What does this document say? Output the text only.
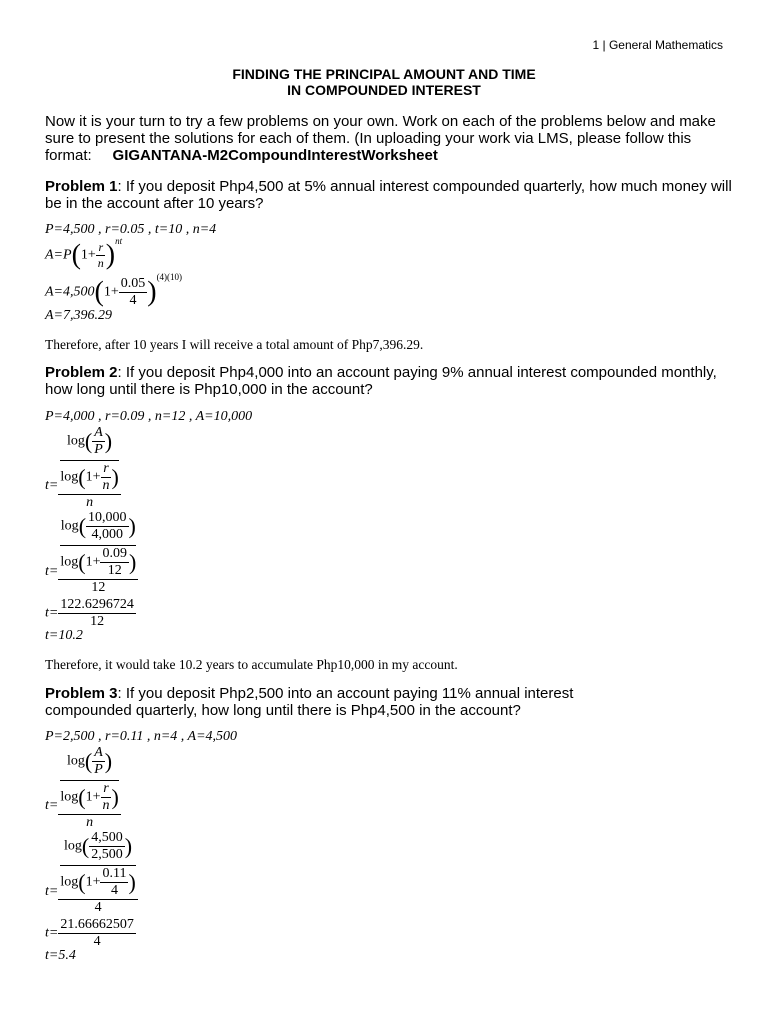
1 | General Mathematics
FINDING THE PRINCIPAL AMOUNT AND TIME
IN COMPOUNDED INTEREST
Now it is your turn to try a few problems on your own. Work on each of the problems below and make sure to present the solutions for each of them. (In uploading your work via LMS, please follow this format: GIGANTANA-M2CompoundInterestWorksheet
Problem 1: If you deposit Php4,500 at 5% annual interest compounded quarterly, how much money will be in the account after 10 years?
P=4,500 , r=0.05 , t=10 , n=4
$A=P(1+ \frac{r}{n} )^{nt}$
$A=4,500(1+ \frac{0.05}{4} )^{(4)(10)}$
A=7,396.29
Therefore, after 10 years I will receive a total amount of Php7,396.29.
Problem 2: If you deposit Php4,000 into an account paying 9% annual interest compounded monthly, how long until there is Php10,000 in the account?
P=4,000 , r=0.09 , n=12 , A=10,000
$t= \log( \frac{A}{P}$ )
$\log(1+ \frac{r}{n}$ )
n
$t= \log( \frac{10,000}{4,000}$ )
$\log(1+ \frac{0.09}{12}$ )
12
$t= \frac{122.6296724}{12}$
t=10.2
Therefore, it would take 10.2 years to accumulate Php10,000 in my account.
Problem 3: If you deposit Php2,500 into an account paying 11% annual interest compounded quarterly, how long until there is Php4,500 in the account?
P=2,500 , r=0.11 , n=4 , A=4,500
$t= \log( \frac{A}{P}$ )
$\log(1+ \frac{r}{n}$ )
n
$t= \log( \frac{4,500}{2,500}$ )
$\log(1+ \frac{0.11}{4}$ )
4
$t= \frac{21.66662507}{4}$
t=5.4
